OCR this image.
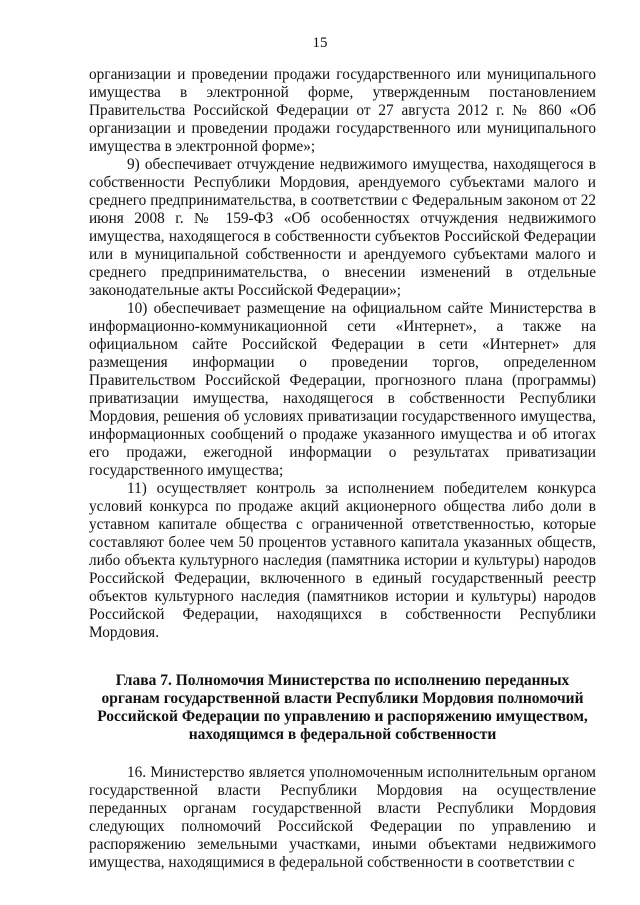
15

организации и проведении продажи государственного или муниципального имущества в электронной форме, утвержденным постановлением Правительства Российской Федерации от 27 августа 2012 г. № 860 «Об организации и проведении продажи государственного или муниципального имущества в электронной форме»;

9) обеспечивает отчуждение недвижимого имущества, находящегося в собственности Республики Мордовия, арендуемого субъектами малого и среднего предпринимательства, в соответствии с Федеральным законом от 22 июня 2008 г. № 159-ФЗ «Об особенностях отчуждения недвижимого имущества, находящегося в собственности субъектов Российской Федерации или в муниципальной собственности и арендуемого субъектами малого и среднего предпринимательства, о внесении изменений в отдельные законодательные акты Российской Федерации»;

10) обеспечивает размещение на официальном сайте Министерства в информационно-коммуникационной сети «Интернет», а также на официальном сайте Российской Федерации в сети «Интернет» для размещения информации о проведении торгов, определенном Правительством Российской Федерации, прогнозного плана (программы) приватизации имущества, находящегося в собственности Республики Мордовия, решения об условиях приватизации государственного имущества, информационных сообщений о продаже указанного имущества и об итогах его продажи, ежегодной информации о результатах приватизации государственного имущества;

11) осуществляет контроль за исполнением победителем конкурса условий конкурса по продаже акций акционерного общества либо доли в уставном капитале общества с ограниченной ответственностью, которые составляют более чем 50 процентов уставного капитала указанных обществ, либо объекта культурного наследия (памятника истории и культуры) народов Российской Федерации, включенного в единый государственный реестр объектов культурного наследия (памятников истории и культуры) народов Российской Федерации, находящихся в собственности Республики Мордовия.

Глава 7. Полномочия Министерства по исполнению переданных органам государственной власти Республики Мордовия полномочий Российской Федерации по управлению и распоряжению имуществом, находящимся в федеральной собственности

16. Министерство является уполномоченным исполнительным органом государственной власти Республики Мордовия на осуществление переданных органам государственной власти Республики Мордовия следующих полномочий Российской Федерации по управлению и распоряжению земельными участками, иными объектами недвижимого имущества, находящимися в федеральной собственности в соответствии с
